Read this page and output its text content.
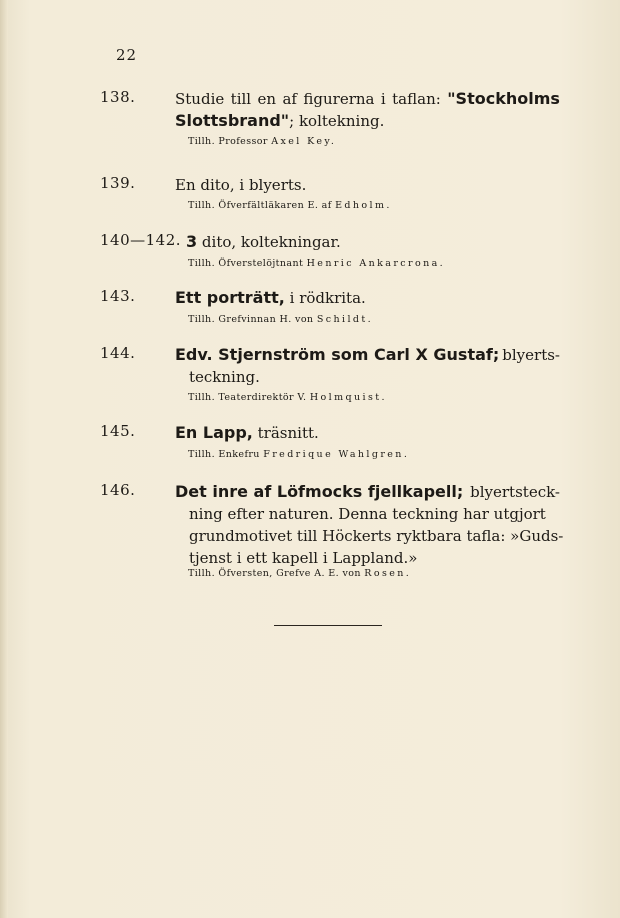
22
138.	Studie till en af figurerna i taflan: "Stockholms
Slottsbrand"; koltekning.
Tillh. Professor Axel Key.
139.	En dito, i blyerts.
Tillh. Öfverfältläkaren E. af Edholm.
140—142. 3 dito, koltekningar.
Tillh. Öfverstelöjtnant Henric Ankarcrona.
143. Ett porträtt, i rödkrita.
Tillh. Grefvinnan H. von Schildt.
144. Edv. Stjernström som Carl X Gustaf; blyerts-
teckning.
Tillh. Teaterdirektör V. Holmquist.
145. En Lapp, träsnitt.
Tillh. Enkefru Fredrique Wahlgren.
146. Det inre af Löfmocks fjellkapell; blyertsteck-
ning efter naturen. Denna teckning har utgjort
grundmotivet till Höckerts ryktbara tafla: »Guds-
tjenst i ett kapell i Lappland.»
Tillh. Öfversten, Grefve A. E. von Rosen.
